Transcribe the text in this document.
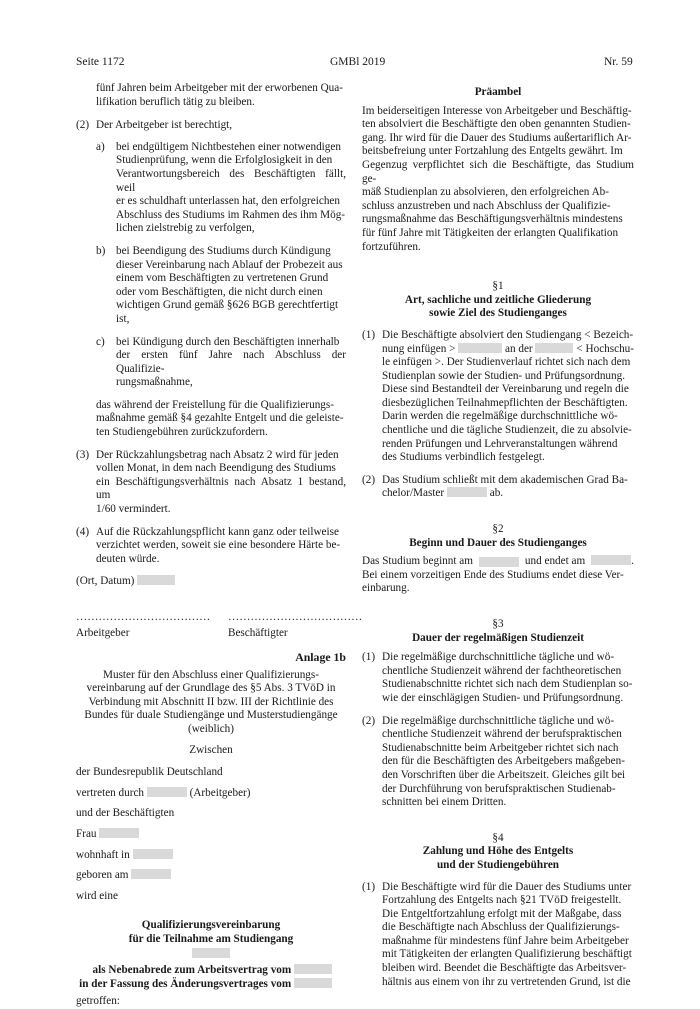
Seite 1172	GMBl 2019	Nr. 59

fünf Jahren beim Arbeitgeber mit der erworbenen Qua-

lifikation beruflich tätig zu bleiben.

(2) Der Arbeitgeber ist berechtigt,

a) bei endgültigem Nichtbestehen einer notwendigen

Studienprüfung, wenn die Erfolglosigkeit in den

Verantwortungsbereich des Beschäftigten fällt, weil

er es schuldhaft unterlassen hat, den erfolgreichen

Abschluss des Studiums im Rahmen des ihm Mög-

lichen zielstrebig zu verfolgen,

b) bei Beendigung des Studiums durch Kündigung

dieser Vereinbarung nach Ablauf der Probezeit aus

einem vom Beschäftigten zu vertretenen Grund

oder vom Beschäftigten, die nicht durch einen

wichtigen Grund gemäß §626 BGB gerechtfertigt

ist,

c) bei Kündigung durch den Beschäftigten innerhalb

der ersten fünf Jahre nach Abschluss der Qualifizie-

rungsmaßnahme,

das während der Freistellung für die Qualifizierungs-

maßnahme gemäß §4 gezahlte Entgelt und die geleiste-

ten Studiengebühren zurückzufordern.

(3) Der Rückzahlungsbetrag nach Absatz 2 wird für jeden

vollen Monat, in dem nach Beendigung des Studiums

ein Beschäftigungsverhältnis nach Absatz 1 bestand, um

1/60 vermindert.

(4) Auf die Rückzahlungspflicht kann ganz oder teilweise

verzichtet werden, soweit sie eine besondere Härte be-

deuten würde.

(Ort, Datum)
……………………………… ………………………………
Arbeitgeber	Beschäftigter
Anlage 1b

Muster für den Abschluss einer Qualifizierungs-

vereinbarung auf der Grundlage des §5 Abs. 3 TVöD in

Verbindung mit Abschnitt II bzw. III der Richtlinie des

Bundes für duale Studiengänge und Musterstudiengänge

(weiblich)

Zwischen
der Bundesrepublik Deutschland
vertreten durch	(Arbeitgeber)
und der Beschäftigten
Frau
wohnhaft in
geboren am
wird eine

Qualifizierungsvereinbarung

für die Teilnahme am Studiengang

als Nebenabrede zum Arbeitsvertrag vom

in der Fassung des Änderungsvertrages vom

getroffen:
Präambel

Im beiderseitigen Interesse von Arbeitgeber und Beschäftig-

ten absolviert die Beschäftigte den oben genannten Studien-

gang. Ihr wird für die Dauer des Studiums außertariflich Ar-

beitsbefreiung unter Fortzahlung des Entgelts gewährt. Im

Gegenzug verpflichtet sich die Beschäftigte, das Studium ge-

mäß Studienplan zu absolvieren, den erfolgreichen Ab-

schluss anzustreben und nach Abschluss der Qualifizie-

rungsmaßnahme das Beschäftigungsverhältnis mindestens

für fünf Jahre mit Tätigkeiten der erlangten Qualifikation

fortzuführen.

§1

Art, sachliche und zeitliche Gliederung

sowie Ziel des Studienganges

(1) Die Beschäftigte absolviert den Studiengang < Bezeich-

nung einfügen >	an der	< Hochschu-

le einfügen >. Der Studienverlauf richtet sich nach dem

Studienplan sowie der Studien- und Prüfungsordnung.

Diese sind Bestandteil der Vereinbarung und regeln die

diesbezüglichen Teilnahmepflichten der Beschäftigten.

Darin werden die regelmäßige durchschnittliche wö-

chentliche und die tägliche Studienzeit, die zu absolvie-

renden Prüfungen und Lehrveranstaltungen während

des Studiums verbindlich festgelegt.

(2) Das Studium schließt mit dem akademischen Grad Ba-

chelor/Master	ab.

§2

Beginn und Dauer des Studienganges

Das Studium beginnt am	und endet am	.

Bei einem vorzeitigen Ende des Studiums endet diese Ver-

einbarung.

§3

Dauer der regelmäßigen Studienzeit

(1) Die regelmäßige durchschnittliche tägliche und wö-

chentliche Studienzeit während der fachtheoretischen

Studienabschnitte richtet sich nach dem Studienplan so-

wie der einschlägigen Studien- und Prüfungsordnung.

(2) Die regelmäßige durchschnittliche tägliche und wö-

chentliche Studienzeit während der berufspraktischen

Studienabschnitte beim Arbeitgeber richtet sich nach

den für die Beschäftigten des Arbeitgebers maßgeben-

den Vorschriften über die Arbeitszeit. Gleiches gilt bei

der Durchführung von berufspraktischen Studienab-

schnitten bei einem Dritten.

§4

Zahlung und Höhe des Entgelts

und der Studiengebühren

(1) Die Beschäftigte wird für die Dauer des Studiums unter

Fortzahlung des Entgelts nach §21 TVöD freigestellt.

Die Entgeltfortzahlung erfolgt mit der Maßgabe, dass

die Beschäftigte nach Abschluss der Qualifizierungs-

maßnahme für mindestens fünf Jahre beim Arbeitgeber

mit Tätigkeiten der erlangten Qualifizierung beschäftigt

bleiben wird. Beendet die Beschäftigte das Arbeitsver-

hältnis aus einem von ihr zu vertretenden Grund, ist die
